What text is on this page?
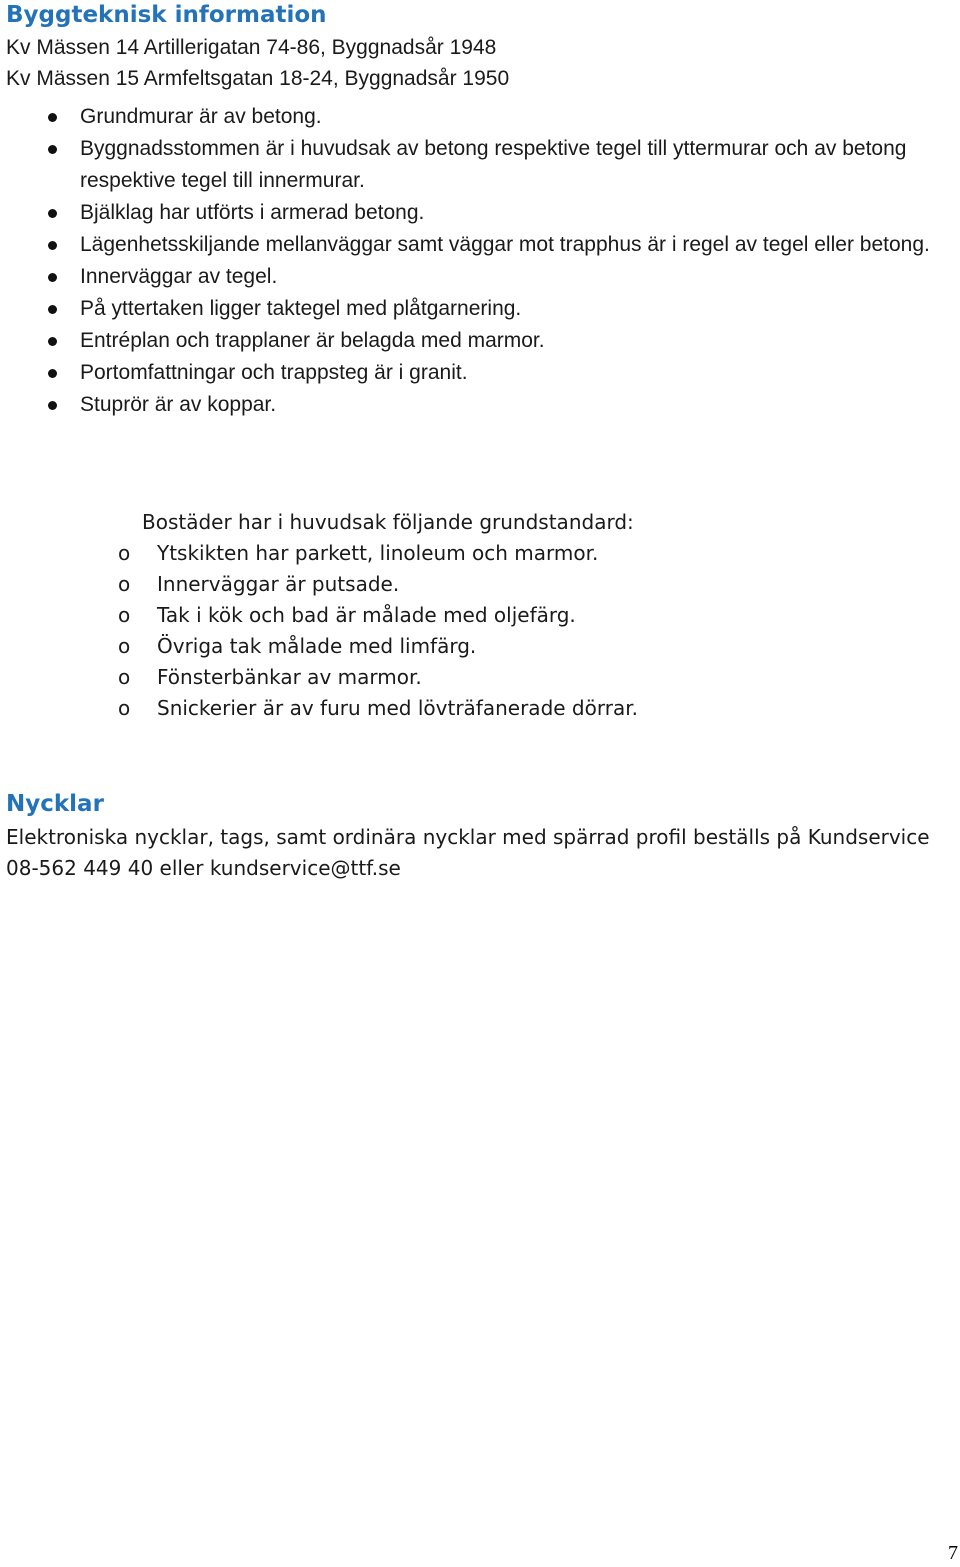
Byggteknisk information
Kv Mässen 14 Artillerigatan 74-86, Byggnadsår 1948
Kv Mässen 15 Armfeltsgatan 18-24, Byggnadsår 1950
Grundmurar är av betong.
Byggnadsstommen är i huvudsak av betong respektive tegel till yttermurar och av betong respektive tegel till innermurar.
Bjälklag har utförts i armerad betong.
Lägenhetsskiljande mellanväggar samt väggar mot trapphus är i regel av tegel eller betong.
Innerväggar av tegel.
På yttertaken ligger taktegel med plåtgarnering.
Entréplan och trapplaner är belagda med marmor.
Portomfattningar och trappsteg är i granit.
Stuprör är av koppar.
Bostäder har i huvudsak följande grundstandard:
o Ytskikten har parkett, linoleum och marmor.
o Innerväggar är putsade.
o Tak i kök och bad är målade med oljefärg.
o Övriga tak målade med limfärg.
o Fönsterbänkar av marmor.
o Snickerier är av furu med lövträfanerade dörrar.
Nycklar
Elektroniska nycklar, tags, samt ordinära nycklar med spärrad profil beställs på Kundservice 08-562 449 40 eller kundservice@ttf.se
7
